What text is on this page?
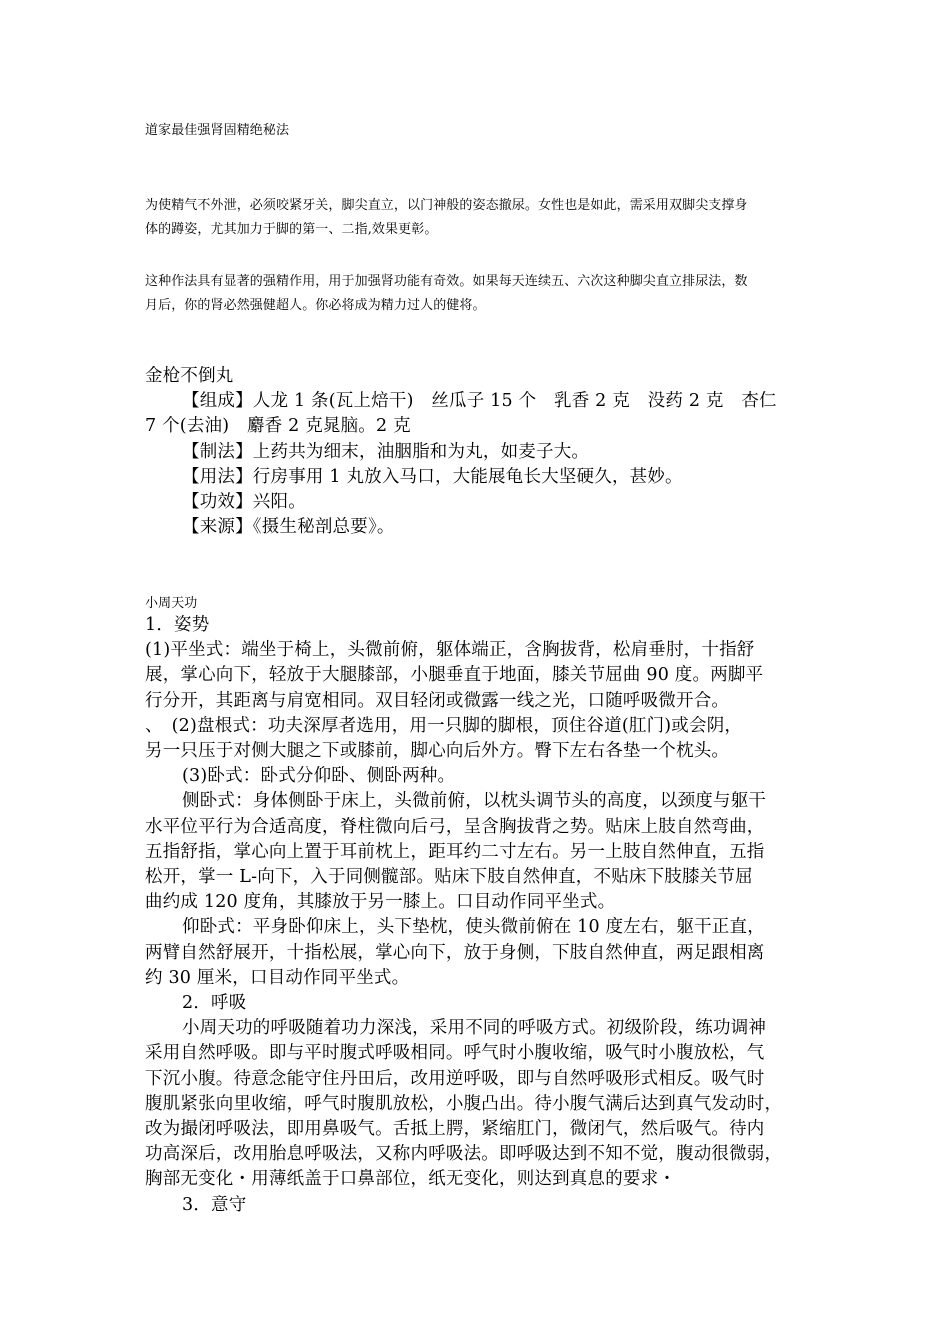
道家最佳强肾固精绝秘法
为使精气不外泄，必须咬紧牙关，脚尖直立，以门神般的姿态撤尿。女性也是如此，需采用双脚尖支撑身
体的蹲姿，尤其加力于脚的第一、二指,效果更彰。
这种作法具有显著的强精作用，用于加强肾功能有奇效。如果每天连续五、六次这种脚尖直立排尿法，数
月后，你的肾必然强健超人。你必将成为精力过人的健将。
金枪不倒丸
【组成】人龙 1 条(瓦上焙干)　丝瓜子 15 个　乳香 2 克　没药 2 克　杏仁
7 个(去油)　麝香 2 克晁脑。2 克
【制法】上药共为细末，油胭脂和为丸，如麦子大。
【用法】行房事用 1 丸放入马口，大能展龟长大坚硬久，甚妙。
【功效】兴阳。
【来源】《摄生秘剖总要》。
小周天功
1．姿势
(1)平坐式：端坐于椅上，头微前俯，躯体端正，含胸拔背，松肩垂肘，十指舒
展，掌心向下，轻放于大腿膝部，小腿垂直于地面，膝关节屈曲 90 度。两脚平
行分开，其距离与肩宽相同。双目轻闭或微露一线之光，口随呼吸微开合。
、　(2)盘根式：功夫深厚者选用，用一只脚的脚根，顶住谷道(肛门)或会阴，
另一只压于对侧大腿之下或膝前，脚心向后外方。臀下左右各垫一个枕头。
(3)卧式：卧式分仰卧、侧卧两种。
侧卧式：身体侧卧于床上，头微前俯，以枕头调节头的高度，以颈度与躯干
水平位平行为合适高度，脊柱微向后弓，呈含胸拔背之势。贴床上肢自然弯曲，
五指舒指，掌心向上置于耳前枕上，距耳约二寸左右。另一上肢自然伸直，五指
松开，掌一 L-向下，入于同侧髋部。贴床下肢自然伸直，不贴床下肢膝关节屈
曲约成 120 度角，其膝放于另一膝上。口目动作同平坐式。
仰卧式：平身卧仰床上，头下垫枕，使头微前俯在 10 度左右，躯干正直，
两臂自然舒展开，十指松展，掌心向下，放于身侧，下肢自然伸直，两足跟相离
约 30 厘米，口目动作同平坐式。
2．呼吸
小周天功的呼吸随着功力深浅，采用不同的呼吸方式。初级阶段，练功调神
采用自然呼吸。即与平时腹式呼吸相同。呼气时小腹收缩，吸气时小腹放松，气
下沉小腹。待意念能守住丹田后，改用逆呼吸，即与自然呼吸形式相反。吸气时
腹肌紧张向里收缩，呼气时腹肌放松，小腹凸出。待小腹气满后达到真气发动时，
改为撮闭呼吸法，即用鼻吸气。舌抵上腭，紧缩肛门，微闭气，然后吸气。待内
功高深后，改用胎息呼吸法，又称内呼吸法。即呼吸达到不知不觉，腹动很微弱，
胸部无变化・用薄纸盖于口鼻部位，纸无变化，则达到真息的要求・
3．意守
